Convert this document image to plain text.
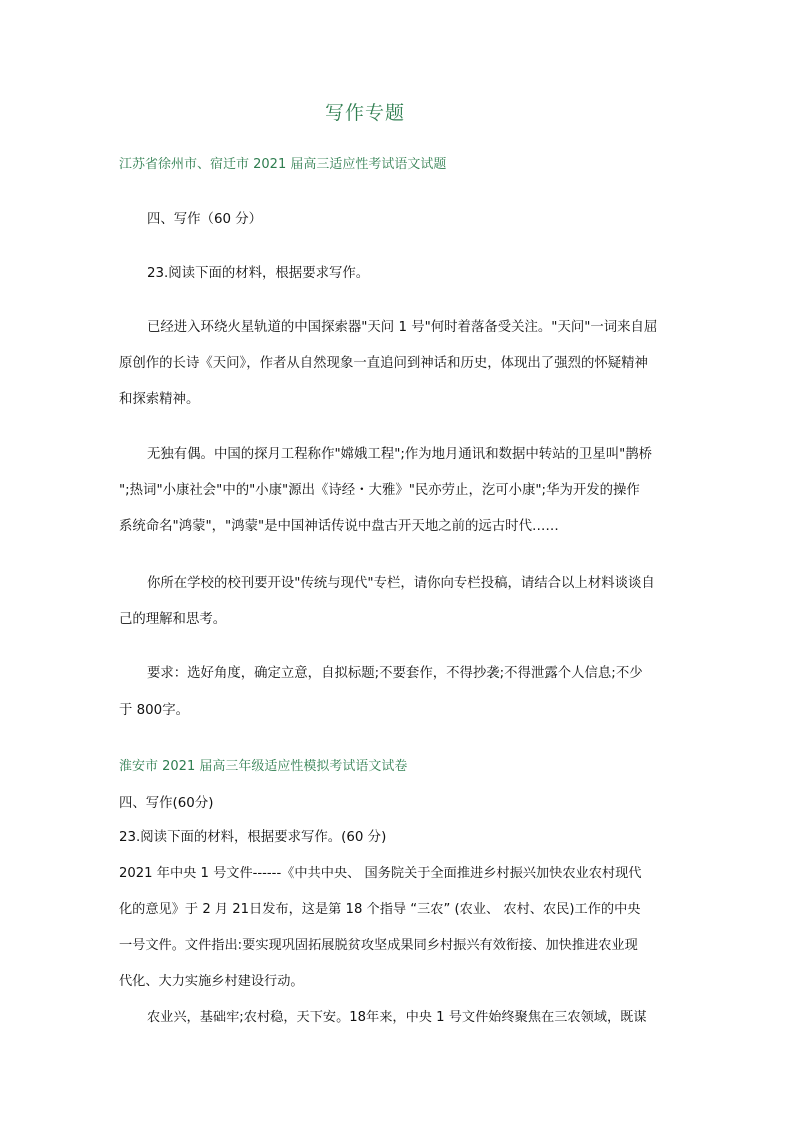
写作专题
江苏省徐州市、宿迁市 2021 届高三适应性考试语文试题
四、写作（60 分）
23.阅读下面的材料，根据要求写作。
已经进入环绕火星轨道的中国探索器"天问 1 号"何时着落备受关注。"天问"一词来自屈
原创作的长诗《天问》，作者从自然现象一直追问到神话和历史，体现出了强烈的怀疑精神
和探索精神。
无独有偶。中国的探月工程称作"嫦娥工程";作为地月通讯和数据中转站的卫星叫"鹊桥
";热词"小康社会"中的"小康"源出《诗经・大雅》"民亦劳止，汔可小康";华为开发的操作
系统命名"鸿蒙"，"鸿蒙"是中国神话传说中盘古开天地之前的远古时代……
你所在学校的校刊要开设"传统与现代"专栏，请你向专栏投稿，请结合以上材料谈谈自
己的理解和思考。
要求：选好角度，确定立意，自拟标题;不要套作，不得抄袭;不得泄露个人信息;不少
于 800字。
淮安市 2021 届高三年级适应性模拟考试语文试卷
四、写作(60分)
23.阅读下面的材料，根据要求写作。(60 分)
2021 年中央 1 号文件------《中共中央、 国务院关于全面推进乡村振兴加快农业农村现代
化的意见》于 2 月 21日发布，这是第 18 个指导 “三农” (农业、 农村、农民)工作的中央
一号文件。文件指出:要实现巩固拓展脱贫攻坚成果同乡村振兴有效衔接、加快推进农业现
代化、大力实施乡村建设行动。
农业兴，基础牢;农村稳，天下安。18年来，中央 1 号文件始终聚焦在三农领域，既谋
